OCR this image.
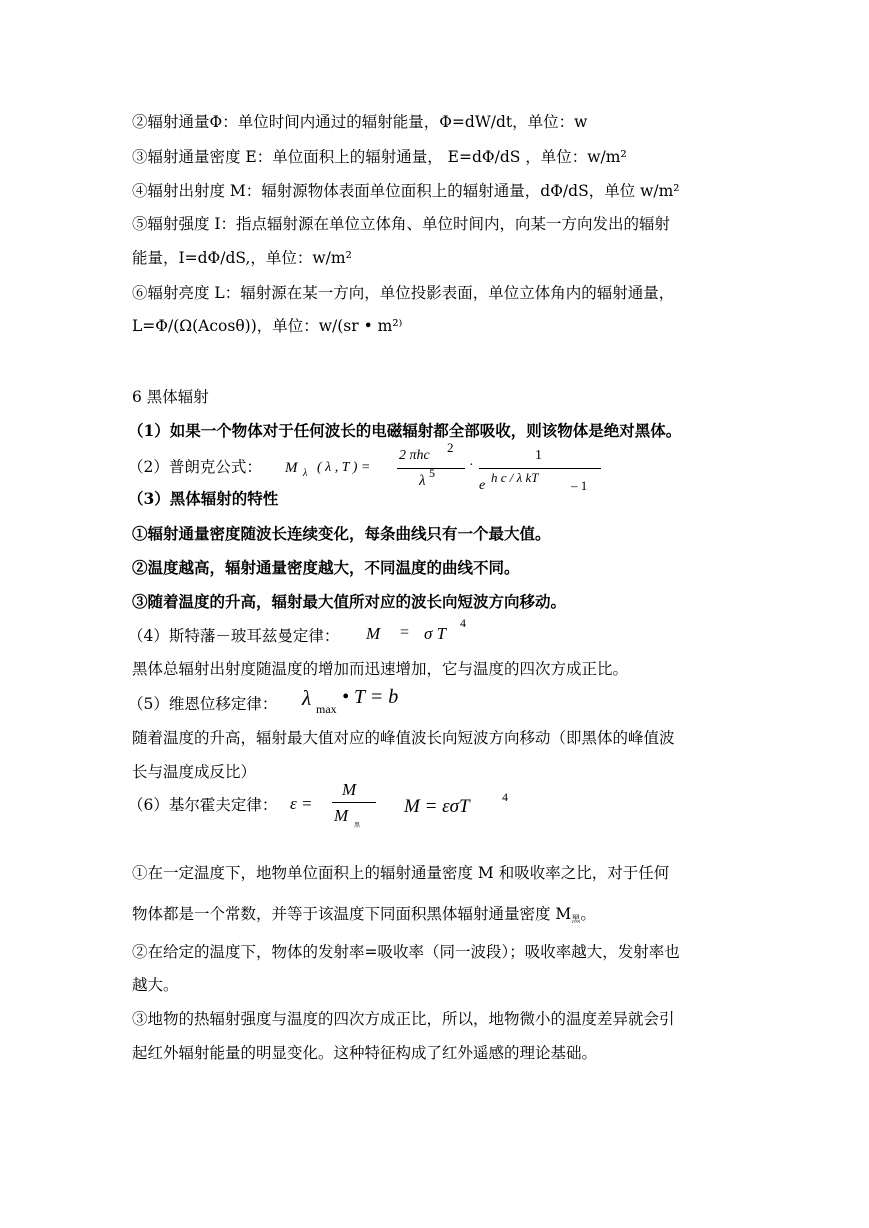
②辐射通量Φ：单位时间内通过的辐射能量，Φ=dW/dt，单位：w
③辐射通量密度 E：单位面积上的辐射通量， E=dΦ/dS ，单位：w/m²
④辐射出射度 M：辐射源物体表面单位面积上的辐射通量，dΦ/dS，单位 w/m²
⑤辐射强度 I：指点辐射源在单位立体角、单位时间内，向某一方向发出的辐射
能量，I=dΦ/dS,，单位：w/m²
⑥辐射亮度 L：辐射源在某一方向，单位投影表面，单位立体角内的辐射通量，
L=Φ/(Ω(Acosθ))，单位：w/(sr • m²⁾
6 黑体辐射
（1）如果一个物体对于任何波长的电磁辐射都全部吸收，则该物体是绝对黑体。
（2）普朗克公式： M λ ( λ , T ) =
2 πhc
2
λ 5 ·
1
e
h c / λ kT
– 1
（3）黑体辐射的特性
①辐射通量密度随波长连续变化，每条曲线只有一个最大值。
②温度越高，辐射通量密度越大，不同温度的曲线不同。
③随着温度的升高，辐射最大值所对应的波长向短波方向移动。
（4）斯特藩－玻耳兹曼定律： M = σ T
4
黑体总辐射出射度随温度的增加而迅速增加，它与温度的四次方成正比。
（5）维恩位移定律： λ max
• T = b
随着温度的升高，辐射最大值对应的峰值波长向短波方向移动（即黑体的峰值波
长与温度成反比）
（6）基尔霍夫定律： ε =
M
M
黑
M = εσT	4
①在一定温度下，地物单位面积上的辐射通量密度 M 和吸收率之比，对于任何
物体都是一个常数，并等于该温度下同面积黑体辐射通量密度 M黑。
②在给定的温度下，物体的发射率=吸收率（同一波段）；吸收率越大，发射率也
越大。
③地物的热辐射强度与温度的四次方成正比，所以，地物微小的温度差异就会引
起红外辐射能量的明显变化。这种特征构成了红外遥感的理论基础。
